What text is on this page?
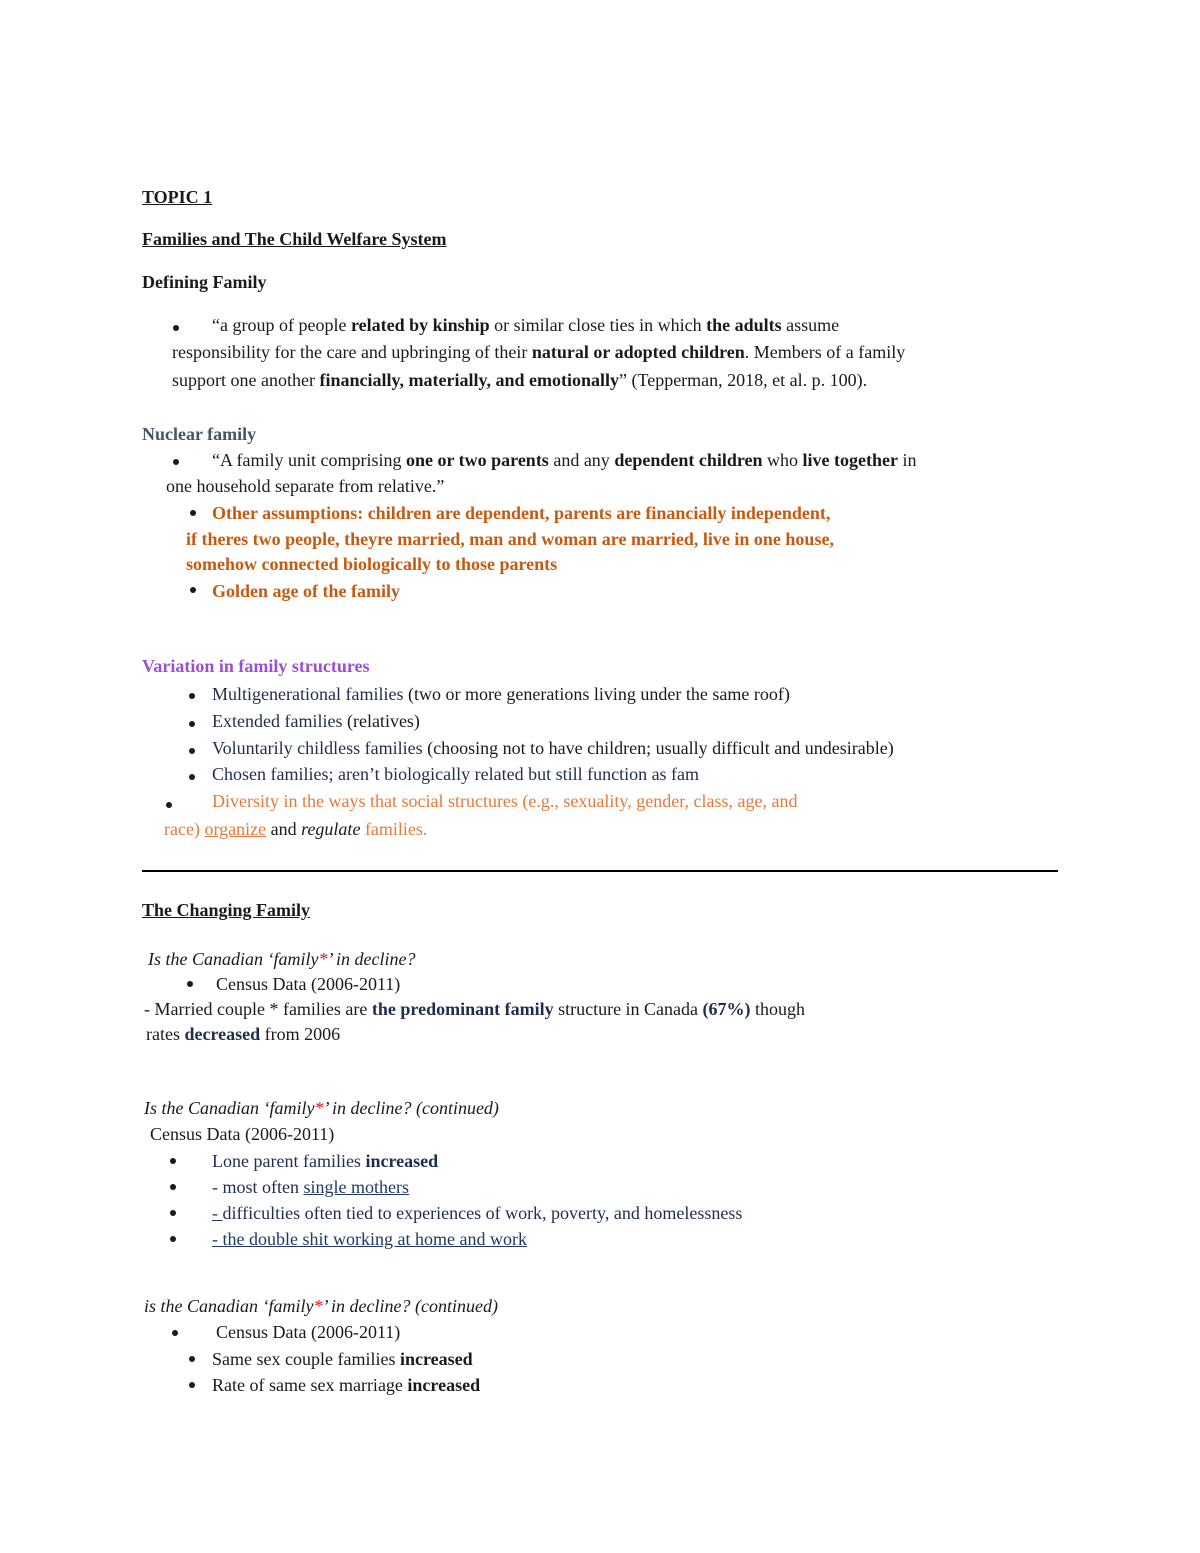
TOPIC 1
Families and The Child Welfare System
Defining Family
“a group of people related by kinship or similar close ties in which the adults assume
responsibility for the care and upbringing of their natural or adopted children. Members of a family
support one another financially, materially, and emotionally” (Tepperman, 2018, et al. p. 100).
Nuclear family
“A family unit comprising one or two parents and any dependent children who live together in
one household separate from relative.”
Other assumptions: children are dependent, parents are financially independent,
if theres two people, theyre married, man and woman are married, live in one house,
somehow connected biologically to those parents
Golden age of the family
Variation in family structures
Multigenerational families (two or more generations living under the same roof)
Extended families (relatives)
Voluntarily childless families (choosing not to have children; usually difficult and undesirable)
Chosen families; aren’t biologically related but still function as fam
Diversity in the ways that social structures (e.g., sexuality, gender, class, age, and
race) organize and regulate families.
The Changing Family
Is the Canadian ‘family*’ in decline?
Census Data (2006-2011)
- Married couple * families are the predominant family structure in Canada (67%) though
rates decreased from 2006
Is the Canadian ‘family*’ in decline? (continued)
Census Data (2006-2011)
Lone parent families increased
- most often single mothers
- difficulties often tied to experiences of work, poverty, and homelessness
- the double shit working at home and work
is the Canadian ‘family*’ in decline? (continued)
Census Data (2006-2011)
Same sex couple families increased
Rate of same sex marriage increased
